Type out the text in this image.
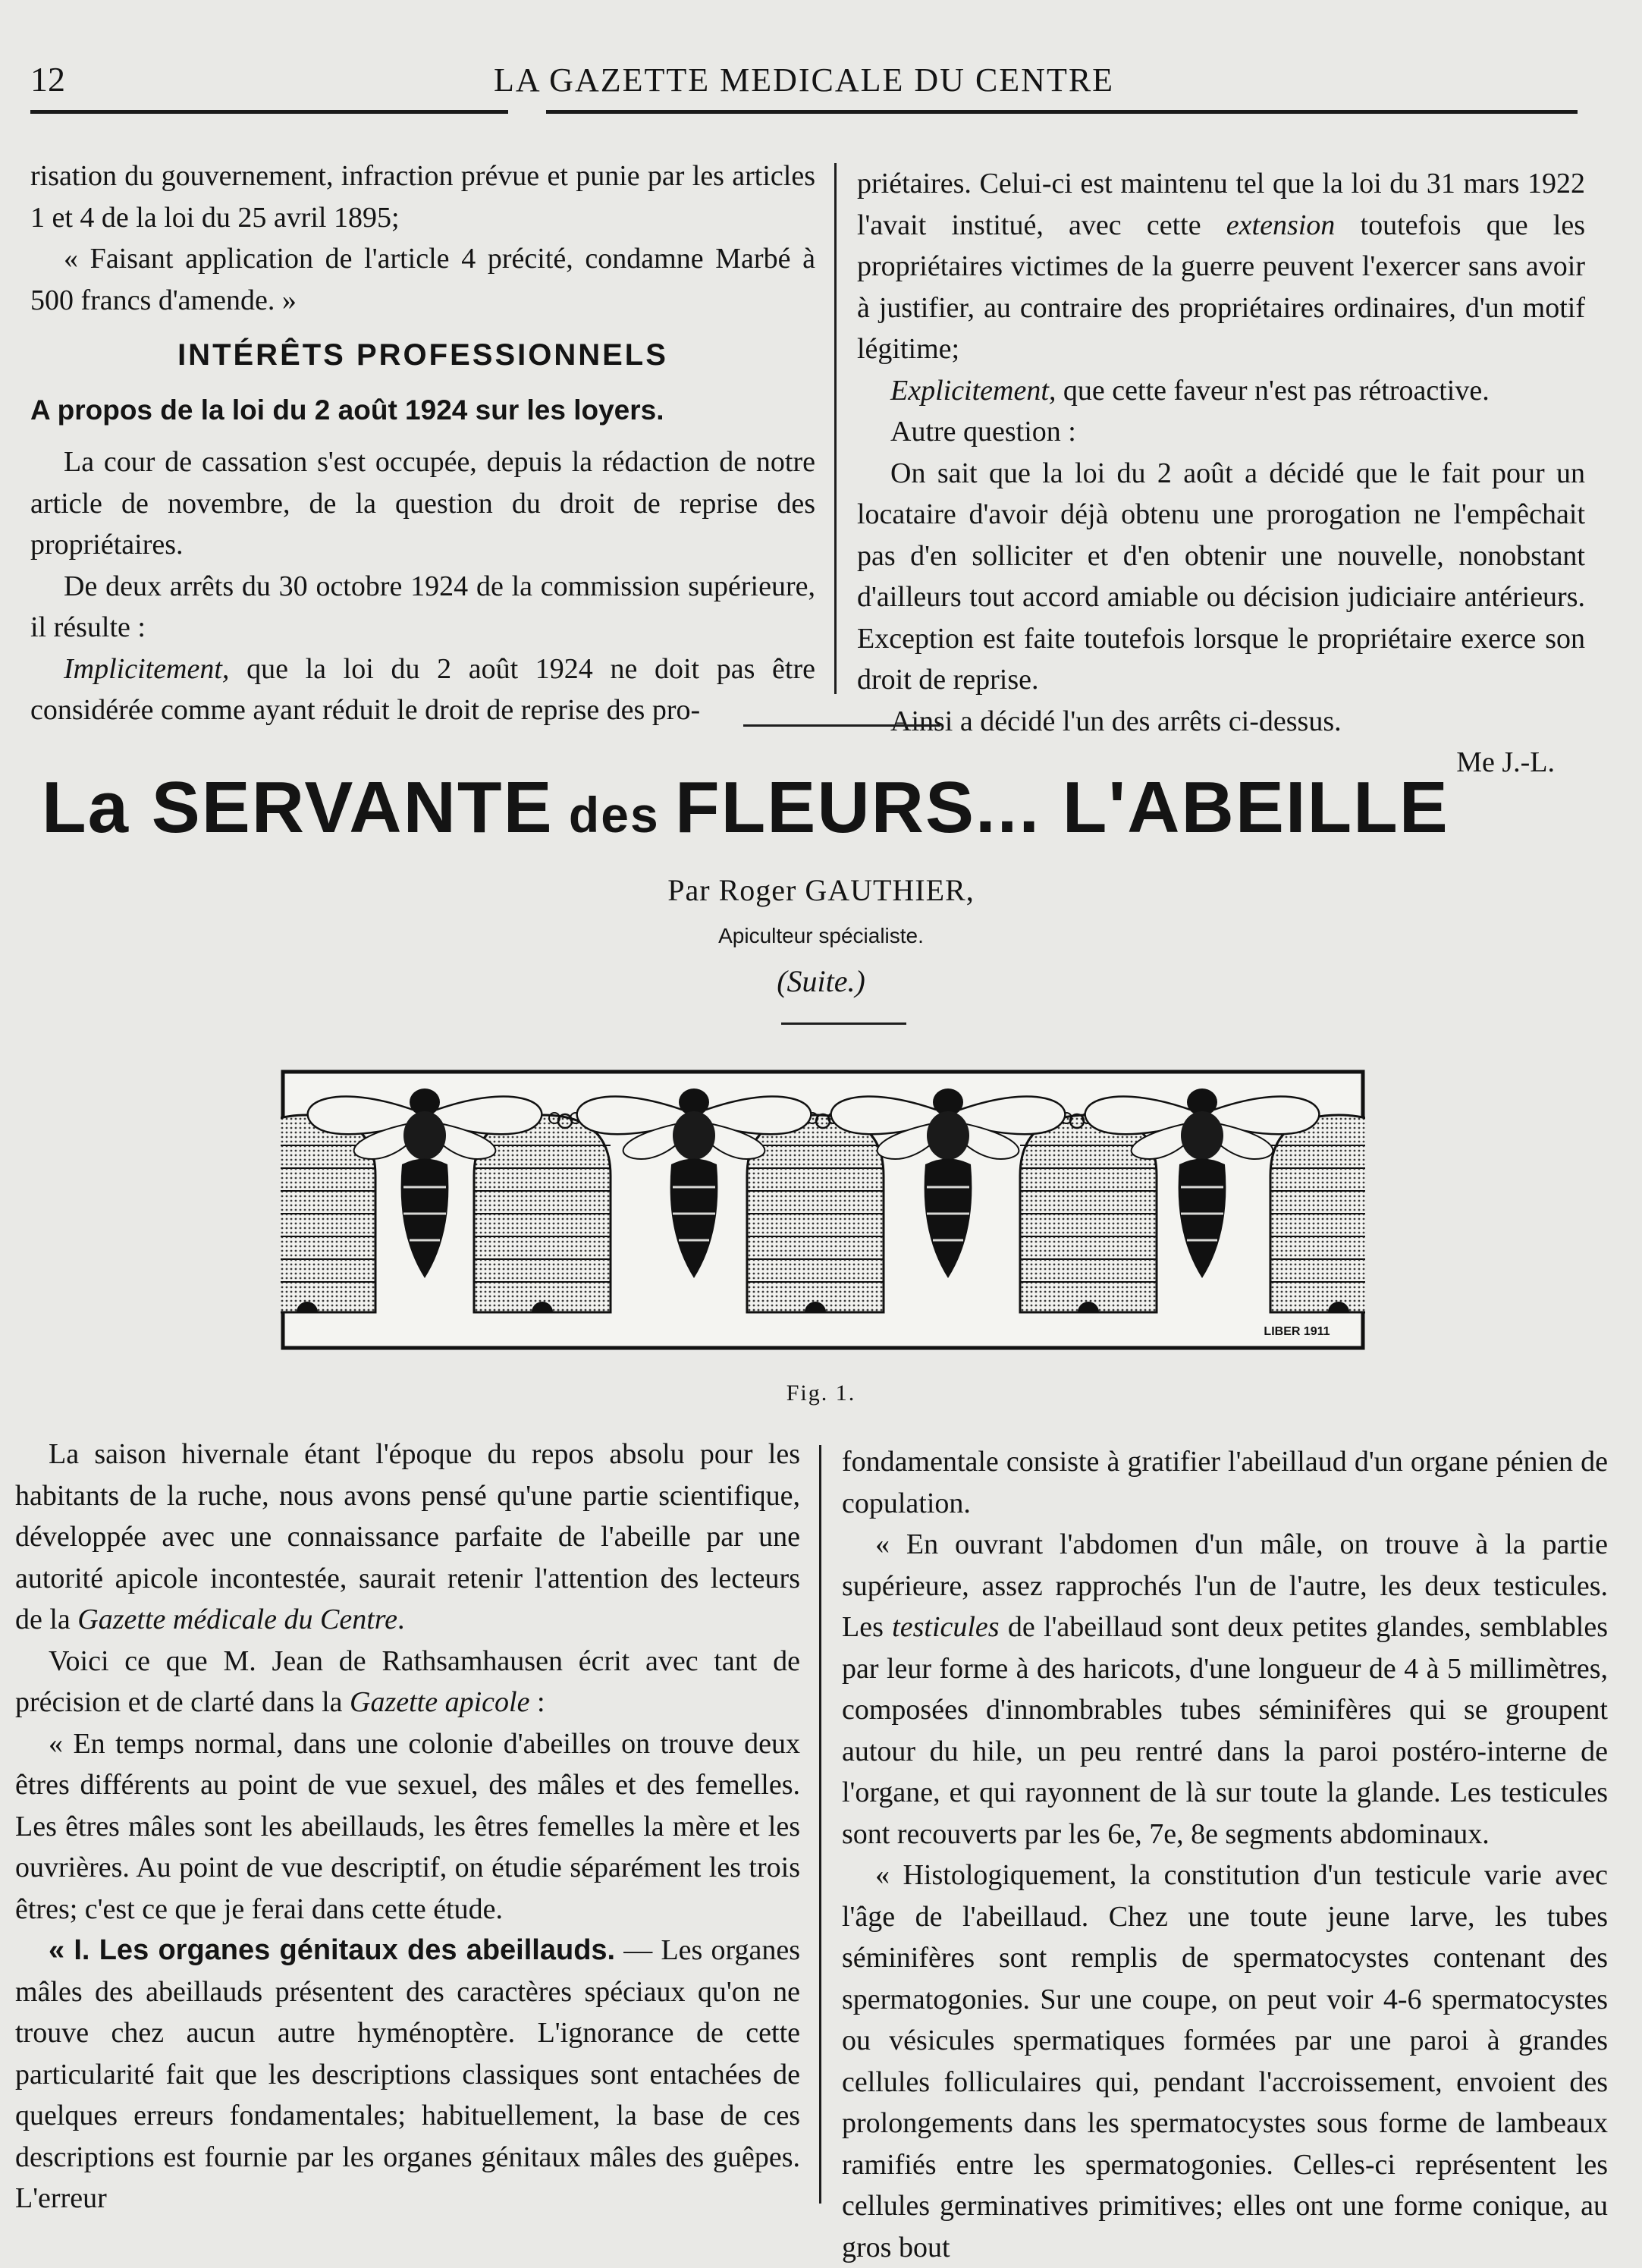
12	LA GAZETTE MEDICALE DU CENTRE

risation du gouvernement, infraction prévue et punie par les articles 1 et 4 de la loi du 25 avril 1895;

« Faisant application de l'article 4 précité, condamne Marbé à 500 francs d'amende. »

INTÉRÊTS PROFESSIONNELS
A propos de la loi du 2 août 1924 sur les loyers.

La cour de cassation s'est occupée, depuis la rédaction de notre article de novembre, de la question du droit de reprise des propriétaires.

De deux arrêts du 30 octobre 1924 de la commission supérieure, il résulte :

Implicitement, que la loi du 2 août 1924 ne doit pas être considérée comme ayant réduit le droit de reprise des pro-

priétaires. Celui-ci est maintenu tel que la loi du 31 mars 1922 l'avait institué, avec cette extension toutefois que les propriétaires victimes de la guerre peuvent l'exercer sans avoir à justifier, au contraire des propriétaires ordinaires, d'un motif légitime;

Explicitement, que cette faveur n'est pas rétroactive.

Autre question :

On sait que la loi du 2 août a décidé que le fait pour un locataire d'avoir déjà obtenu une prorogation ne l'empêchait pas d'en solliciter et d'en obtenir une nouvelle, nonobstant d'ailleurs tout accord amiable ou décision judiciaire antérieurs. Exception est faite toutefois lorsque le propriétaire exerce son droit de reprise.

Ainsi a décidé l'un des arrêts ci-dessus.

Me J.-L.

La SERVANTE des FLEURS... L'ABEILLE
Par Roger GAUTHIER,
Apiculteur spécialiste.
(Suite.)
LIBER 1911
Fig. 1.

La saison hivernale étant l'époque du repos absolu pour les habitants de la ruche, nous avons pensé qu'une partie scientifique, développée avec une connaissance parfaite de l'abeille par une autorité apicole incontestée, saurait retenir l'attention des lecteurs de la Gazette médicale du Centre.

Voici ce que M. Jean de Rathsamhausen écrit avec tant de précision et de clarté dans la Gazette apicole :

« En temps normal, dans une colonie d'abeilles on trouve deux êtres différents au point de vue sexuel, des mâles et des femelles. Les êtres mâles sont les abeillauds, les êtres femelles la mère et les ouvrières. Au point de vue descriptif, on étudie séparément les trois êtres; c'est ce que je ferai dans cette étude.

« I. Les organes génitaux des abeillauds. — Les organes mâles des abeillauds présentent des caractères spéciaux qu'on ne trouve chez aucun autre hyménoptère. L'ignorance de cette particularité fait que les descriptions classiques sont entachées de quelques erreurs fondamentales; habituellement, la base de ces descriptions est fournie par les organes génitaux mâles des guêpes. L'erreur

fondamentale consiste à gratifier l'abeillaud d'un organe pénien de copulation.

« En ouvrant l'abdomen d'un mâle, on trouve à la partie supérieure, assez rapprochés l'un de l'autre, les deux testicules. Les testicules de l'abeillaud sont deux petites glandes, semblables par leur forme à des haricots, d'une longueur de 4 à 5 millimètres, composées d'innombrables tubes séminifères qui se groupent autour du hile, un peu rentré dans la paroi postéro-interne de l'organe, et qui rayonnent de là sur toute la glande. Les testicules sont recouverts par les 6e, 7e, 8e segments abdominaux.

« Histologiquement, la constitution d'un testicule varie avec l'âge de l'abeillaud. Chez une toute jeune larve, les tubes séminifères sont remplis de spermatocystes contenant des spermatogonies. Sur une coupe, on peut voir 4-6 spermatocystes ou vésicules spermatiques formées par une paroi à grandes cellules folliculaires qui, pendant l'accroissement, envoient des prolongements dans les spermatocystes sous forme de lambeaux ramifiés entre les spermatogonies. Celles-ci représentent les cellules germinatives primitives; elles ont une forme conique, au gros bout
